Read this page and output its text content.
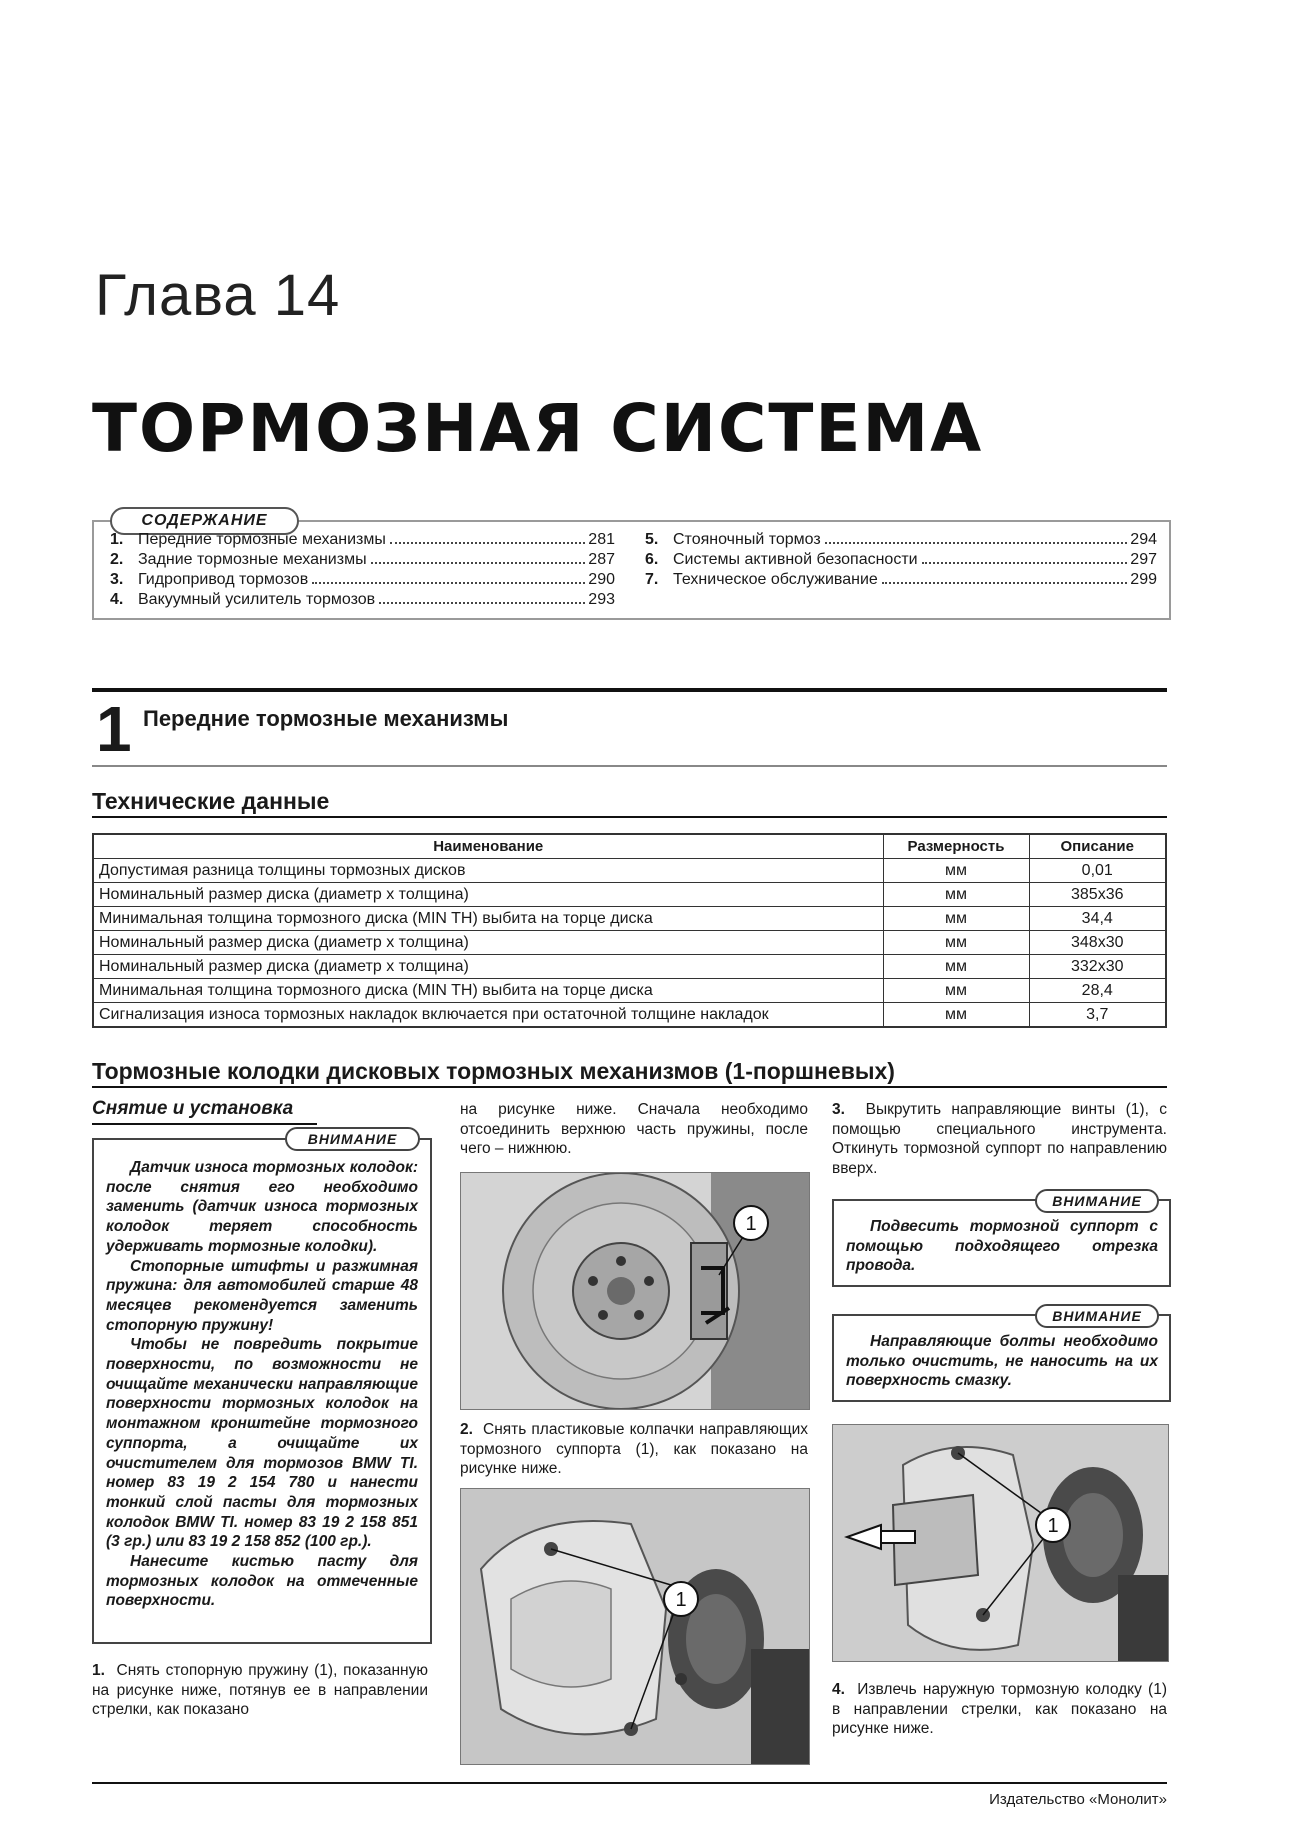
Глава 14
ТОРМОЗНАЯ СИСТЕМА
СОДЕРЖАНИЕ
1. Передние тормозные механизмы	281
2. Задние тормозные механизмы	287
3. Гидропривод тормозов	290
4. Вакуумный усилитель тормозов	293
5. Стояночный тормоз	294
6. Системы активной безопасности	297
7. Техническое обслуживание	299
1 Передние тормозные механизмы
Технические данные
Наименование	Размерность	Описание
Допустимая разница толщины тормозных дисков	мм	0,01
Номинальный размер диска (диаметр х толщина)	мм	385х36
Минимальная толщина тормозного диска (MIN TH) выбита на торце диска	мм	34,4
Номинальный размер диска (диаметр х толщина)	мм	348х30
Номинальный размер диска (диаметр х толщина)	мм	332х30
Минимальная толщина тормозного диска (MIN TH) выбита на торце диска	мм	28,4
Сигнализация износа тормозных накладок включается при остаточной толщине накладок	мм	3,7
Тормозные колодки дисковых тормозных механизмов (1-поршневых)
Снятие и установка
Датчик износа тормозных колодок: после снятия его необходимо заменить (датчик износа тормозных колодок теряет способность удерживать тормозные колодки).
Стопорные штифты и разжимная пружина: для автомобилей старше 48 месяцев рекомендуется заменить стопорную пружину!
Чтобы не повредить покрытие поверхности, по возможности не очищайте механически направляющие поверхности тормозных колодок на монтажном кронштейне тормозного суппорта, а очищайте их очистителем для тормозов BMW TI. номер 83 19 2 154 780 и нанести тонкий слой пасты для тормозных колодок BMW TI. номер 83 19 2 158 851 (3 гр.) или 83 19 2 158 852 (100 гр.).
Нанесите кистью пасту для тормозных колодок на отмеченные поверхности.
ВНИМАНИЕ
1. Снять стопорную пружину (1), показанную на рисунке ниже, потянув ее в направлении стрелки, как показано
на рисунке ниже. Сначала необходимо отсоединить верхнюю часть пружины, после чего – нижнюю.
1
2. Снять пластиковые колпачки направляющих тормозного суппорта (1), как показано на рисунке ниже.
1
3. Выкрутить направляющие винты (1), с помощью специального инструмента. Откинуть тормозной суппорт по направлению вверх.
Подвесить тормозной суппорт с помощью подходящего отрезка провода.
ВНИМАНИЕ
Направляющие болты необходимо только очистить, не наносить на их поверхность смазку.
ВНИМАНИЕ
1
4. Извлечь наружную тормозную колодку (1) в направлении стрелки, как показано на рисунке ниже.
Издательство «Монолит»
